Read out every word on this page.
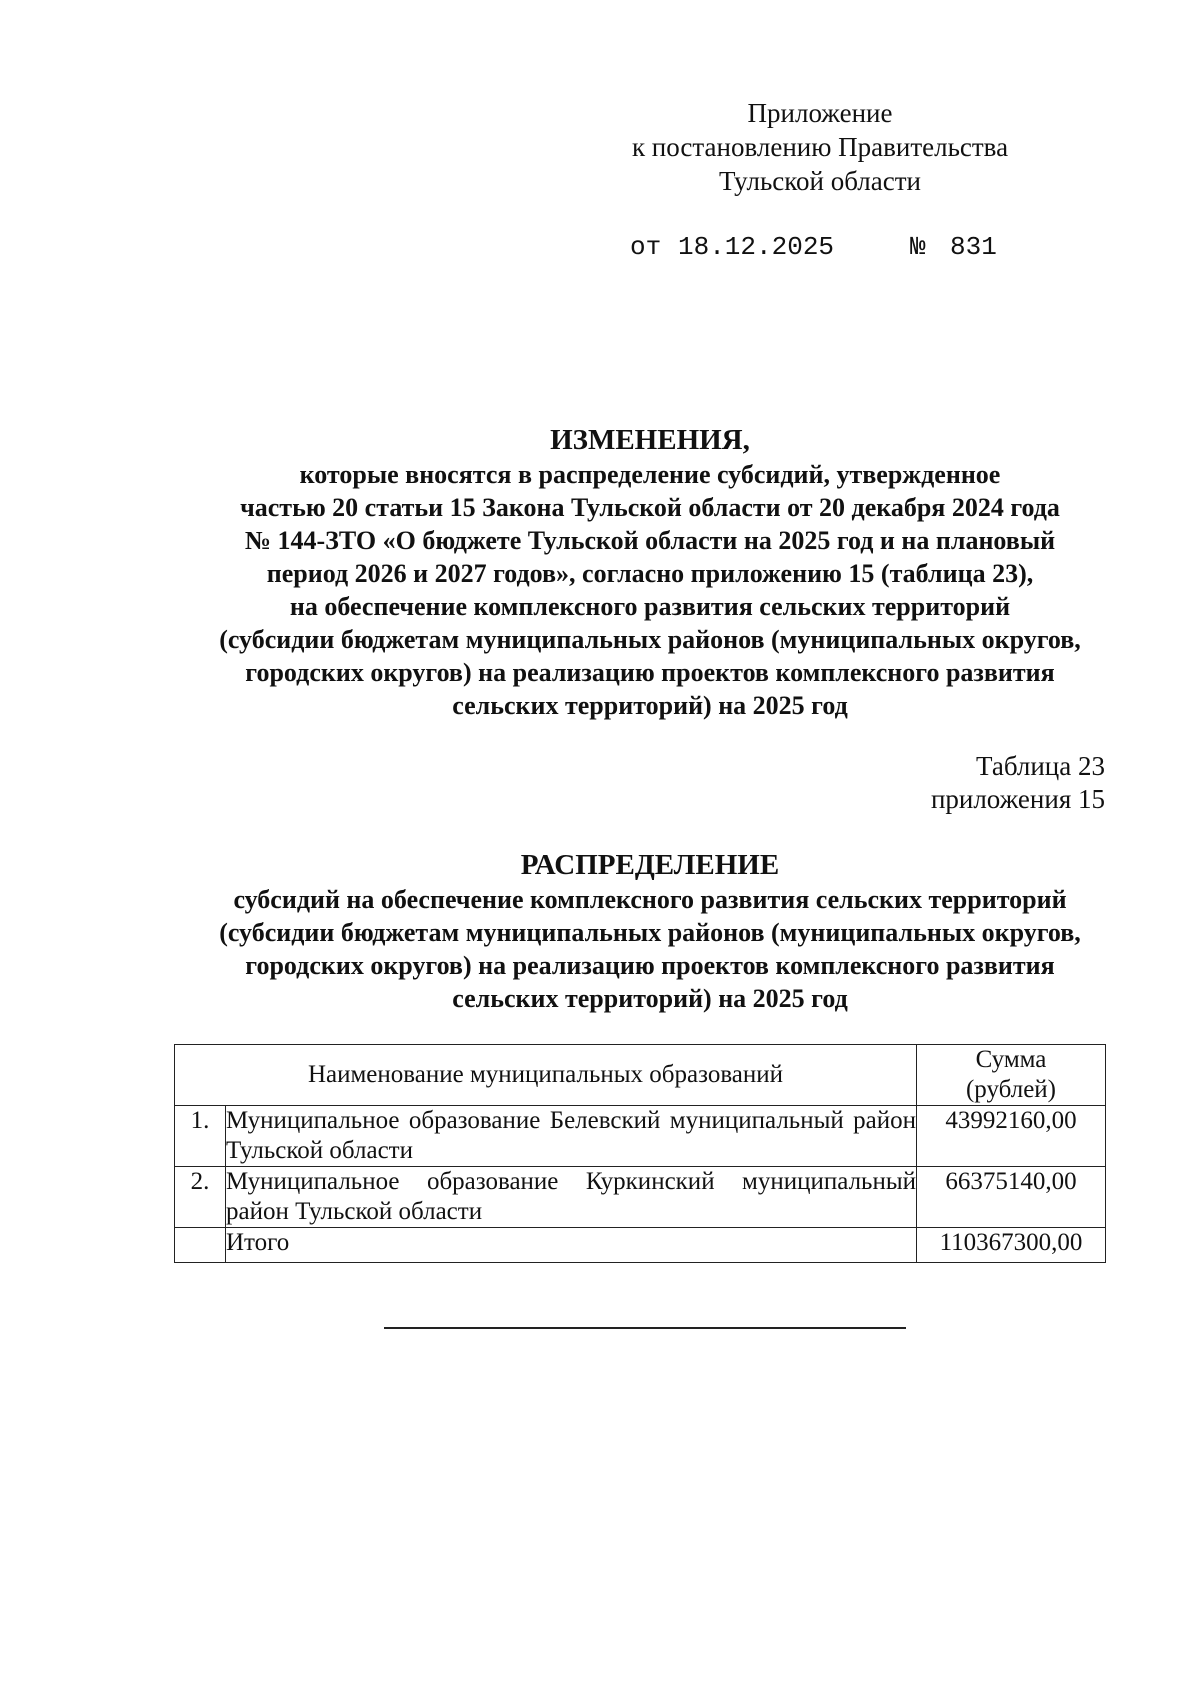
Приложение
к постановлению Правительства
Тульской области
от 18.12.2025	№ 831
ИЗМЕНЕНИЯ,
которые вносятся в распределение субсидий, утвержденное
частью 20 статьи 15 Закона Тульской области от 20 декабря 2024 года
№ 144-ЗТО «О бюджете Тульской области на 2025 год и на плановый
период 2026 и 2027 годов», согласно приложению 15 (таблица 23),
на обеспечение комплексного развития сельских территорий
(субсидии бюджетам муниципальных районов (муниципальных округов,
городских округов) на реализацию проектов комплексного развития
сельских территорий) на 2025 год
Таблица 23
приложения 15
РАСПРЕДЕЛЕНИЕ
субсидий на обеспечение комплексного развития сельских территорий
(субсидии бюджетам муниципальных районов (муниципальных округов,
городских округов) на реализацию проектов комплексного развития
сельских территорий) на 2025 год
Наименование муниципальных образований		Сумма
(рублей)

1.	Муниципальное образование Белевский муниципальный район Тульской области	43992160,00
2.	Муниципальное образование Куркинский муниципальный район Тульской области	66375140,00
	Итого	110367300,00
